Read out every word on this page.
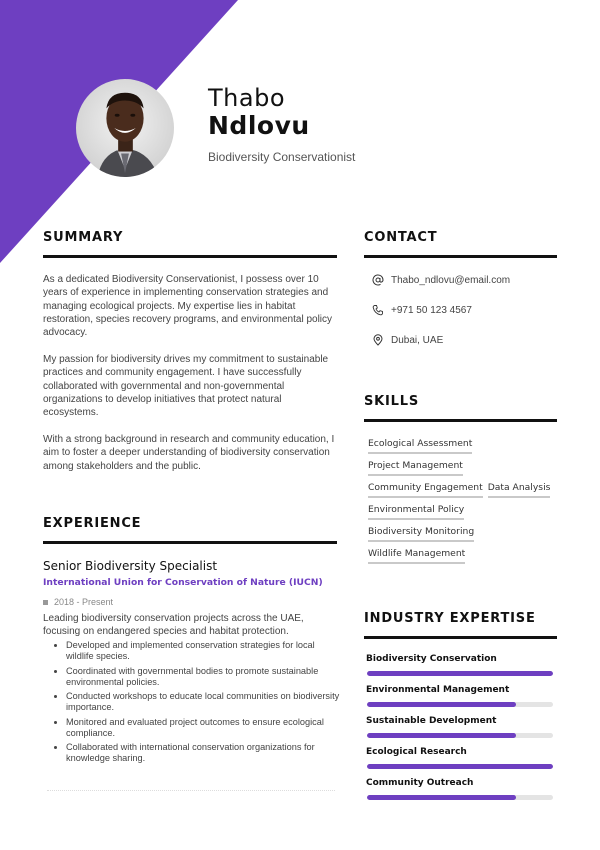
Thabo
Ndlovu
Biodiversity Conservationist
SUMMARY

As a dedicated Biodiversity Conservationist, I possess over 10 years of experience in implementing conservation strategies and managing ecological projects. My expertise lies in habitat restoration, species recovery programs, and environmental policy advocacy.

My passion for biodiversity drives my commitment to sustainable practices and community engagement. I have successfully collaborated with governmental and non-governmental organizations to develop initiatives that protect natural ecosystems.

With a strong background in research and community education, I aim to foster a deeper understanding of biodiversity conservation among stakeholders and the public.

EXPERIENCE
Senior Biodiversity Specialist
International Union for Conservation of Nature (IUCN)
2018 - Present

Leading biodiversity conservation projects across the UAE, focusing on endangered species and habitat protection.

Developed and implemented conservation strategies for local wildlife species.
Coordinated with governmental bodies to promote sustainable environmental policies.
Conducted workshops to educate local communities on biodiversity importance.
Monitored and evaluated project outcomes to ensure ecological compliance.
Collaborated with international conservation organizations for knowledge sharing.
CONTACT
Thabo_ndlovu@email.com
+971 50 123 4567
Dubai, UAE
SKILLS
Ecological Assessment
Project Management
Community Engagement Data Analysis
Environmental Policy
Biodiversity Monitoring
Wildlife Management
INDUSTRY EXPERTISE
Biodiversity Conservation
Environmental Management
Sustainable Development
Ecological Research
Community Outreach
